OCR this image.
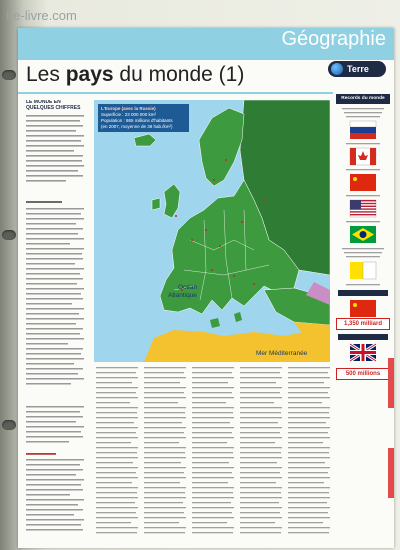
Le-livre.com
Géographie
Terre
Les pays du monde (1)
LE MONDE EN QUELQUES CHIFFRES	L'Europe (avec la Russie)
Superficie : 23 000 000 km²
Population : 865 millions d'habitants
(en 2007, moyenne de 38 hab./km²)
Océan
Atlantique
Mer Méditerranée
Records du monde
1,350 milliard
500 millions
